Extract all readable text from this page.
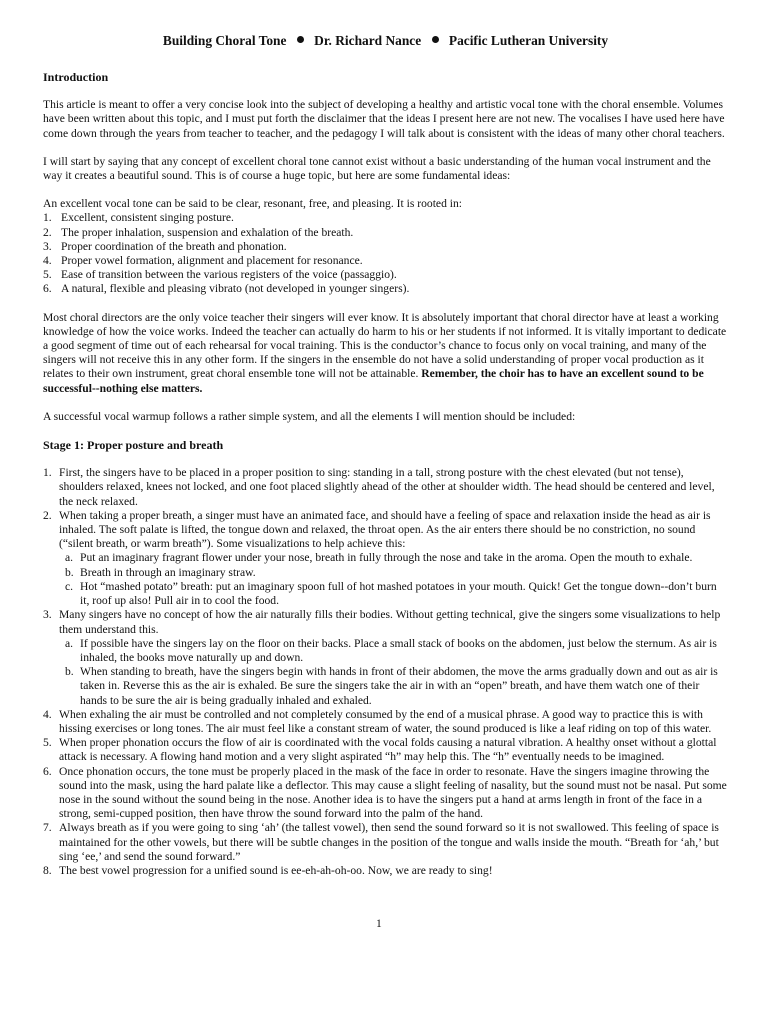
Building Choral Tone Dr. Richard Nance Pacific Lutheran University
Introduction

This article is meant to offer a very concise look into the subject of developing a healthy and artistic vocal tone with the choral ensemble. Volumes have been written about this topic, and I must put forth the disclaimer that the ideas I present here are not new. The vocalises I have used here have come down through the years from teacher to teacher, and the pedagogy I will talk about is consistent with the ideas of many other choral teachers.

I will start by saying that any concept of excellent choral tone cannot exist without a basic understanding of the human vocal instrument and the way it creates a beautiful sound. This is of course a huge topic, but here are some fundamental ideas:

An excellent vocal tone can be said to be clear, resonant, free, and pleasing. It is rooted in:

1. Excellent, consistent singing posture.
2. The proper inhalation, suspension and exhalation of the breath.
3. Proper coordination of the breath and phonation.
4. Proper vowel formation, alignment and placement for resonance.
5. Ease of transition between the various registers of the voice (passaggio).
6. A natural, flexible and pleasing vibrato (not developed in younger singers).

Most choral directors are the only voice teacher their singers will ever know. It is absolutely important that choral director have at least a working knowledge of how the voice works. Indeed the teacher can actually do harm to his or her students if not informed. It is vitally important to dedicate a good segment of time out of each rehearsal for vocal training. This is the conductor’s chance to focus only on vocal training, and many of the singers will not receive this in any other form. If the singers in the ensemble do not have a solid understanding of proper vocal production as it relates to their own instrument, great choral ensemble tone will not be attainable. Remember, the choir has to have an excellent sound to be successful--nothing else matters.

A successful vocal warmup follows a rather simple system, and all the elements I will mention should be included:

Stage 1: Proper posture and breath
1. First, the singers have to be placed in a proper position to sing: standing in a tall, strong posture with the chest elevated (but not tense), shoulders relaxed, knees not locked, and one foot placed slightly ahead of the other at shoulder width. The head should be centered and level, the neck relaxed.
2. When taking a proper breath, a singer must have an animated face, and should have a feeling of space and relaxation inside the head as air is inhaled. The soft palate is lifted, the tongue down and relaxed, the throat open. As the air enters there should be no constriction, no sound (“silent breath, or warm breath”). Some visualizations to help achieve this:
a. Put an imaginary fragrant flower under your nose, breath in fully through the nose and take in the aroma. Open the mouth to exhale.
b. Breath in through an imaginary straw.
c. Hot “mashed potato” breath: put an imaginary spoon full of hot mashed potatoes in your mouth. Quick! Get the tongue down--don’t burn it, roof up also! Pull air in to cool the food.
3. Many singers have no concept of how the air naturally fills their bodies. Without getting technical, give the singers some visualizations to help them understand this.
a. If possible have the singers lay on the floor on their backs. Place a small stack of books on the abdomen, just below the sternum. As air is inhaled, the books move naturally up and down.
b. When standing to breath, have the singers begin with hands in front of their abdomen, the move the arms gradually down and out as air is taken in. Reverse this as the air is exhaled. Be sure the singers take the air in with an “open” breath, and have them watch one of their hands to be sure the air is being gradually inhaled and exhaled.
4. When exhaling the air must be controlled and not completely consumed by the end of a musical phrase. A good way to practice this is with hissing exercises or long tones. The air must feel like a constant stream of water, the sound produced is like a leaf riding on top of this water.
5. When proper phonation occurs the flow of air is coordinated with the vocal folds causing a natural vibration. A healthy onset without a glottal attack is necessary. A flowing hand motion and a very slight aspirated “h” may help this. The “h” eventually needs to be imagined.
6. Once phonation occurs, the tone must be properly placed in the mask of the face in order to resonate. Have the singers imagine throwing the sound into the mask, using the hard palate like a deflector. This may cause a slight feeling of nasality, but the sound must not be nasal. Put some nose in the sound without the sound being in the nose. Another idea is to have the singers put a hand at arms length in front of the face in a strong, semi-cupped position, then have throw the sound forward into the palm of the hand.
7. Always breath as if you were going to sing ‘ah’ (the tallest vowel), then send the sound forward so it is not swallowed. This feeling of space is maintained for the other vowels, but there will be subtle changes in the position of the tongue and walls inside the mouth. “Breath for ‘ah,’ but sing ‘ee,’ and send the sound forward.”
8. The best vowel progression for a unified sound is ee-eh-ah-oh-oo. Now, we are ready to sing!
1
